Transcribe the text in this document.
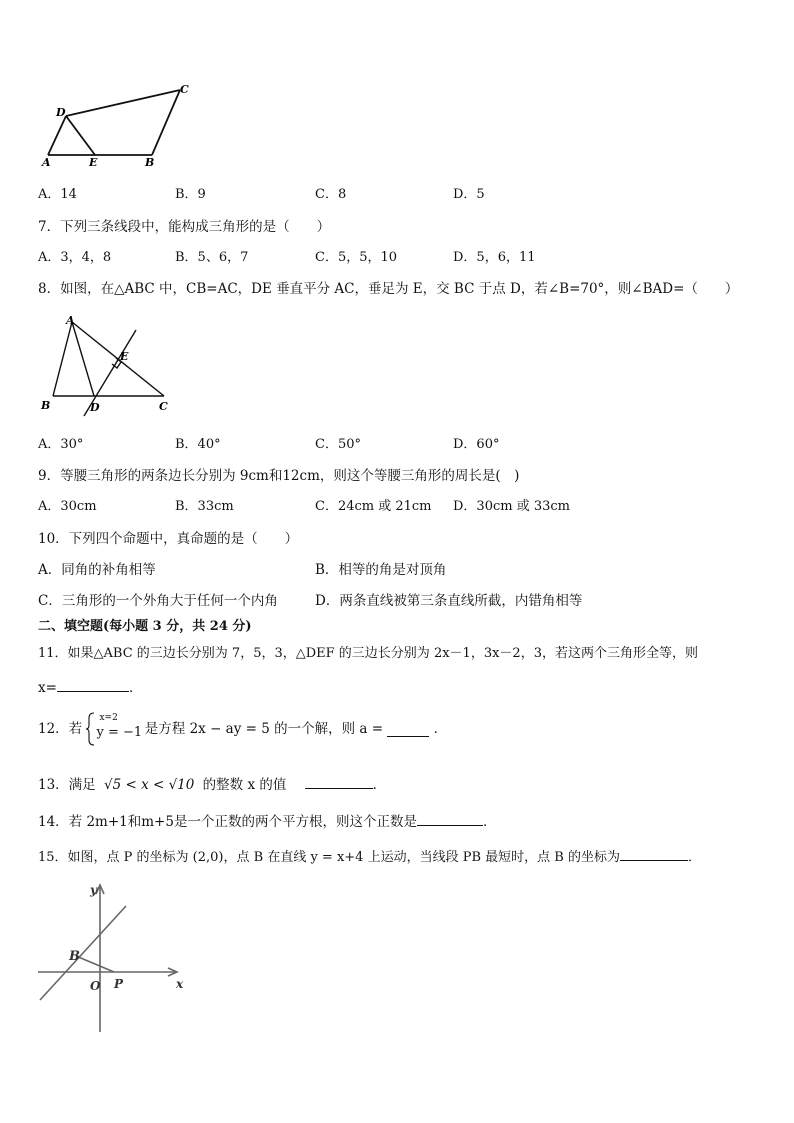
C
D
A	E	B
A．14	B．9	C．8	D．5
7．下列三条线段中，能构成三角形的是（　　）
A．3，4，8	B．5、6，7	C．5，5，10	D．5，6，11
8．如图，在△ABC 中，CB=AC，DE 垂直平分 AC，垂足为 E，交 BC 于点 D，若∠B=70°，则∠BAD=（　　）
A
E
B	D	C
A．30°	B．40°	C．50°	D．60°
9．等腰三角形的两条边长分别为 9cm和12cm，则这个等腰三角形的周长是(　)
A．30cm	B．33cm	C．24cm 或 21cm D．30cm 或 33cm
10．下列四个命题中，真命题的是（　　）
A．同角的补角相等	B．相等的角是对顶角
C．三角形的一个外角大于任何一个内角	D．两条直线被第三条直线所截，内错角相等
二、填空题(每小题 3 分，共 24 分)
11．如果△ABC 的三边长分别为 7，5，3，△DEF 的三边长分别为 2x－1，3x－2，3，若这两个三角形全等，则
x=	．
12．若
x=2
y = −1 是方程 2x − ay = 5 的一个解，则 a =	．
13．满足 √5 < x < √10 的整数 x 的值	．
14．若 2m+1和m+5是一个正数的两个平方根，则这个正数是	．
15．如图，点 P 的坐标为 (2,0)，点 B 在直线 y = x+4 上运动，当线段 PB 最短时，点 B 的坐标为	．
y
B
O P	x
